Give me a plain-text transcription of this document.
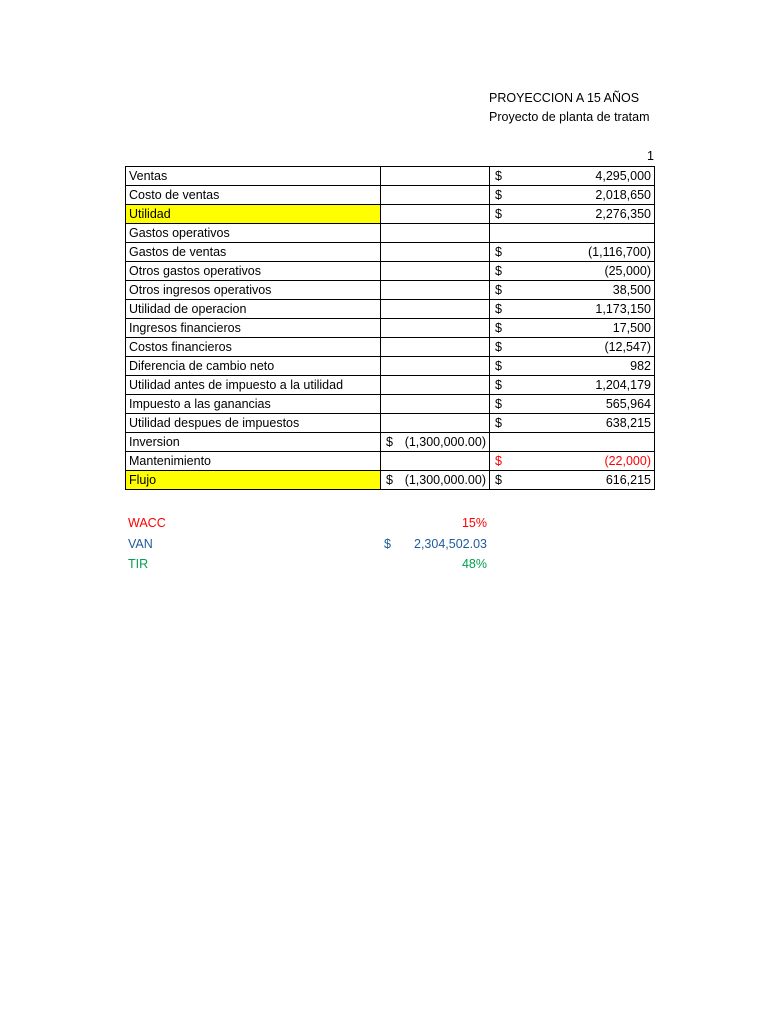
PROYECCION A 15 AÑOS
Proyecto de planta de tratam
1
Ventas		$ 4,295,000

Costo de ventas		$ 2,018,650

Utilidad		$ 2,276,350

Gastos operativos	

Gastos de ventas		$ (1,116,700)

Otros gastos operativos		$ (25,000)

Otros ingresos operativos		$ 38,500

Utilidad de operacion		$ 1,173,150

Ingresos financieros		$ 17,500

Costos financieros		$ (12,547)

Diferencia de cambio neto		$ 982

Utilidad antes de impuesto a la utilidad		$ 1,204,179

Impuesto a las ganancias		$ 565,964

Utilidad despues de impuestos		$ 638,215

Inversion	$ (1,300,000.00)	

Mantenimiento		$ (22,000)

Flujo	$ (1,300,000.00)	$ 616,215
WACC	15%
VAN	$	2,304,502.03
TIR	48%
